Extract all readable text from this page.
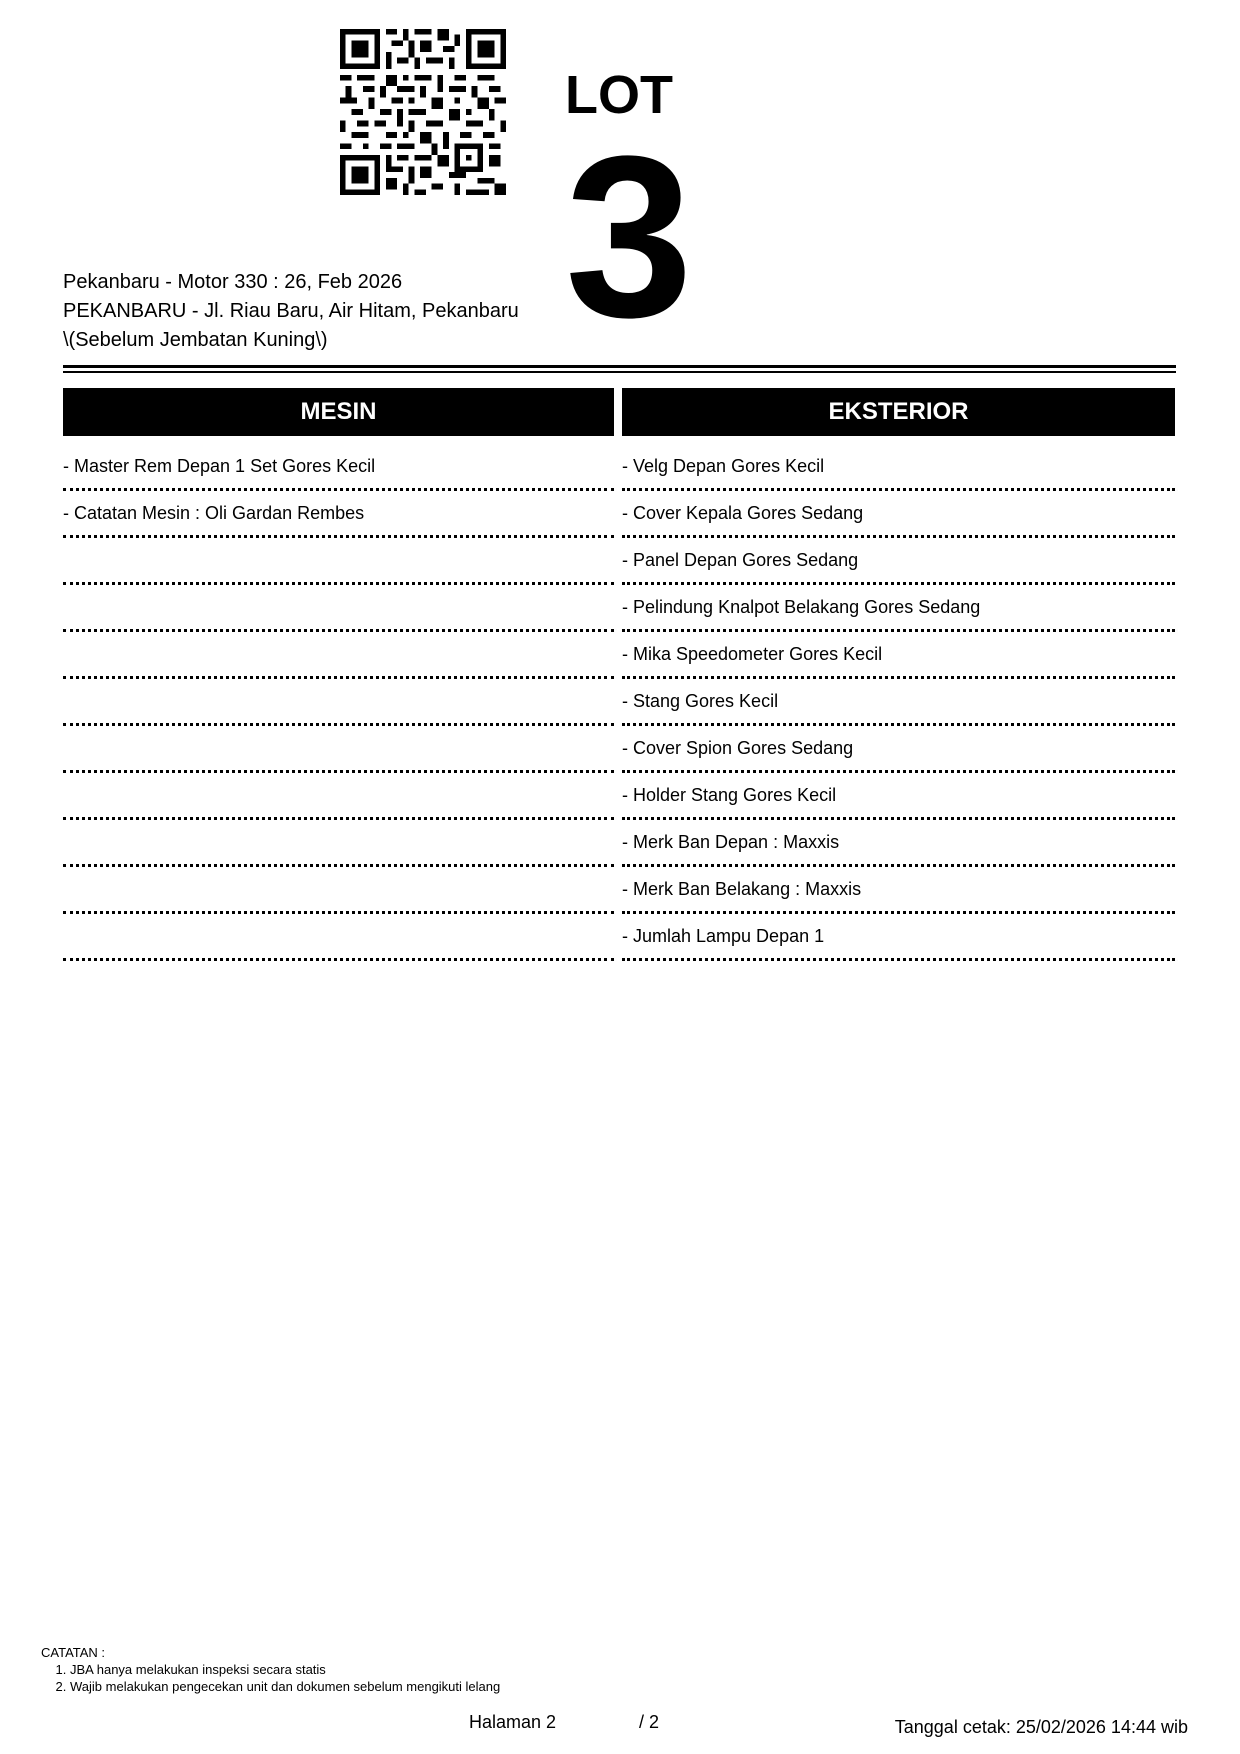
LOT
3
Pekanbaru - Motor 330 : 26, Feb 2026
PEKANBARU - Jl. Riau Baru, Air Hitam, Pekanbaru
\(Sebelum Jembatan Kuning\)
MESIN
- Master Rem Depan 1 Set Gores Kecil
- Catatan Mesin : Oli Gardan Rembes
EKSTERIOR
- Velg Depan Gores Kecil
- Cover Kepala Gores Sedang
- Panel Depan Gores Sedang
- Pelindung Knalpot Belakang Gores Sedang
- Mika Speedometer Gores Kecil
- Stang Gores Kecil
- Cover Spion Gores Sedang
- Holder Stang Gores Kecil
- Merk Ban Depan : Maxxis
- Merk Ban Belakang : Maxxis
- Jumlah Lampu Depan 1
CATATAN :
1. JBA hanya melakukan inspeksi secara statis
2. Wajib melakukan pengecekan unit dan dokumen sebelum mengikuti lelang
Halaman 2	/ 2	Tanggal cetak: 25/02/2026 14:44 wib
